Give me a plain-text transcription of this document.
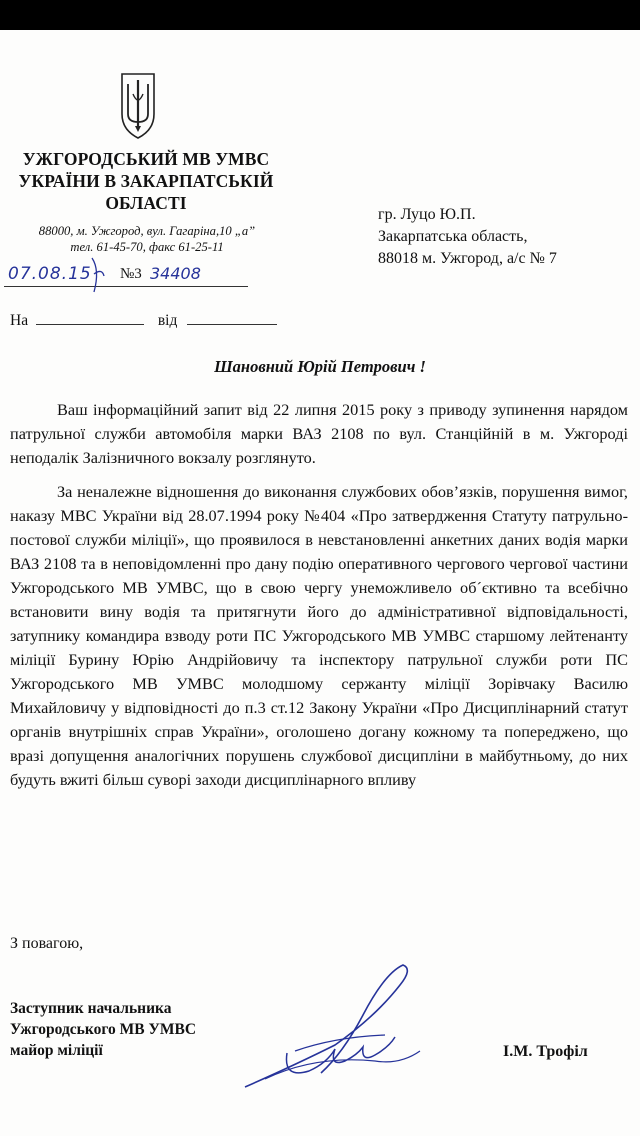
УЖГОРОДСЬКИЙ МВ УМВС
УКРАЇНИ В ЗАКАРПАТСЬКІЙ
ОБЛАСТІ
88000, м. Ужгород, вул. Гагаріна,10 „а”
тел. 61-45-70, факс 61-25-11
07.08.15 №3 34408
На	від
гр. Луцо Ю.П.
Закарпатська область,
88018 м. Ужгород, а/с № 7
Шановний Юрій Петрович !

Ваш інформаційний запит від 22 липня 2015 року з приводу зупинення нарядом патрульної служби автомобіля марки ВАЗ 2108 по вул. Станційній в м. Ужгороді неподалік Залізничного вокзалу розглянуто.

За неналежне відношення до виконання службових обов’язків, порушення вимог, наказу МВС України від 28.07.1994 року №404 «Про затвердження Статуту патрульно-постової служби міліції», що проявилося в невстановленні анкетних даних водія марки ВАЗ 2108 та в неповідомленні про дану подію оперативного чергового чергової частини Ужгородського МВ УМВС, що в свою чергу унеможливело об´єктивно та всебічно встановити вину водія та притягнути його до адміністративної відповідальності, затупнику командира взводу роти ПС Ужгородського МВ УМВС старшому лейтенанту міліції Бурину Юрію Андрійовичу та інспектору патрульної служби роти ПС Ужгородського МВ УМВС молодшому сержанту міліції Зорівчаку Василю Михайловичу у відповідності до п.3 ст.12 Закону України «Про Дисциплінарний статут органів внутрішніх справ України», оголошено догану кожному та попереджено, що вразі допущення аналогічних порушень службової дисципліни в майбутньому, до них будуть вжиті більш суворі заходи дисциплінарного впливу

З повагою,
Заступник начальника
Ужгородського МВ УМВС
майор міліції	І.М. Трофіл
